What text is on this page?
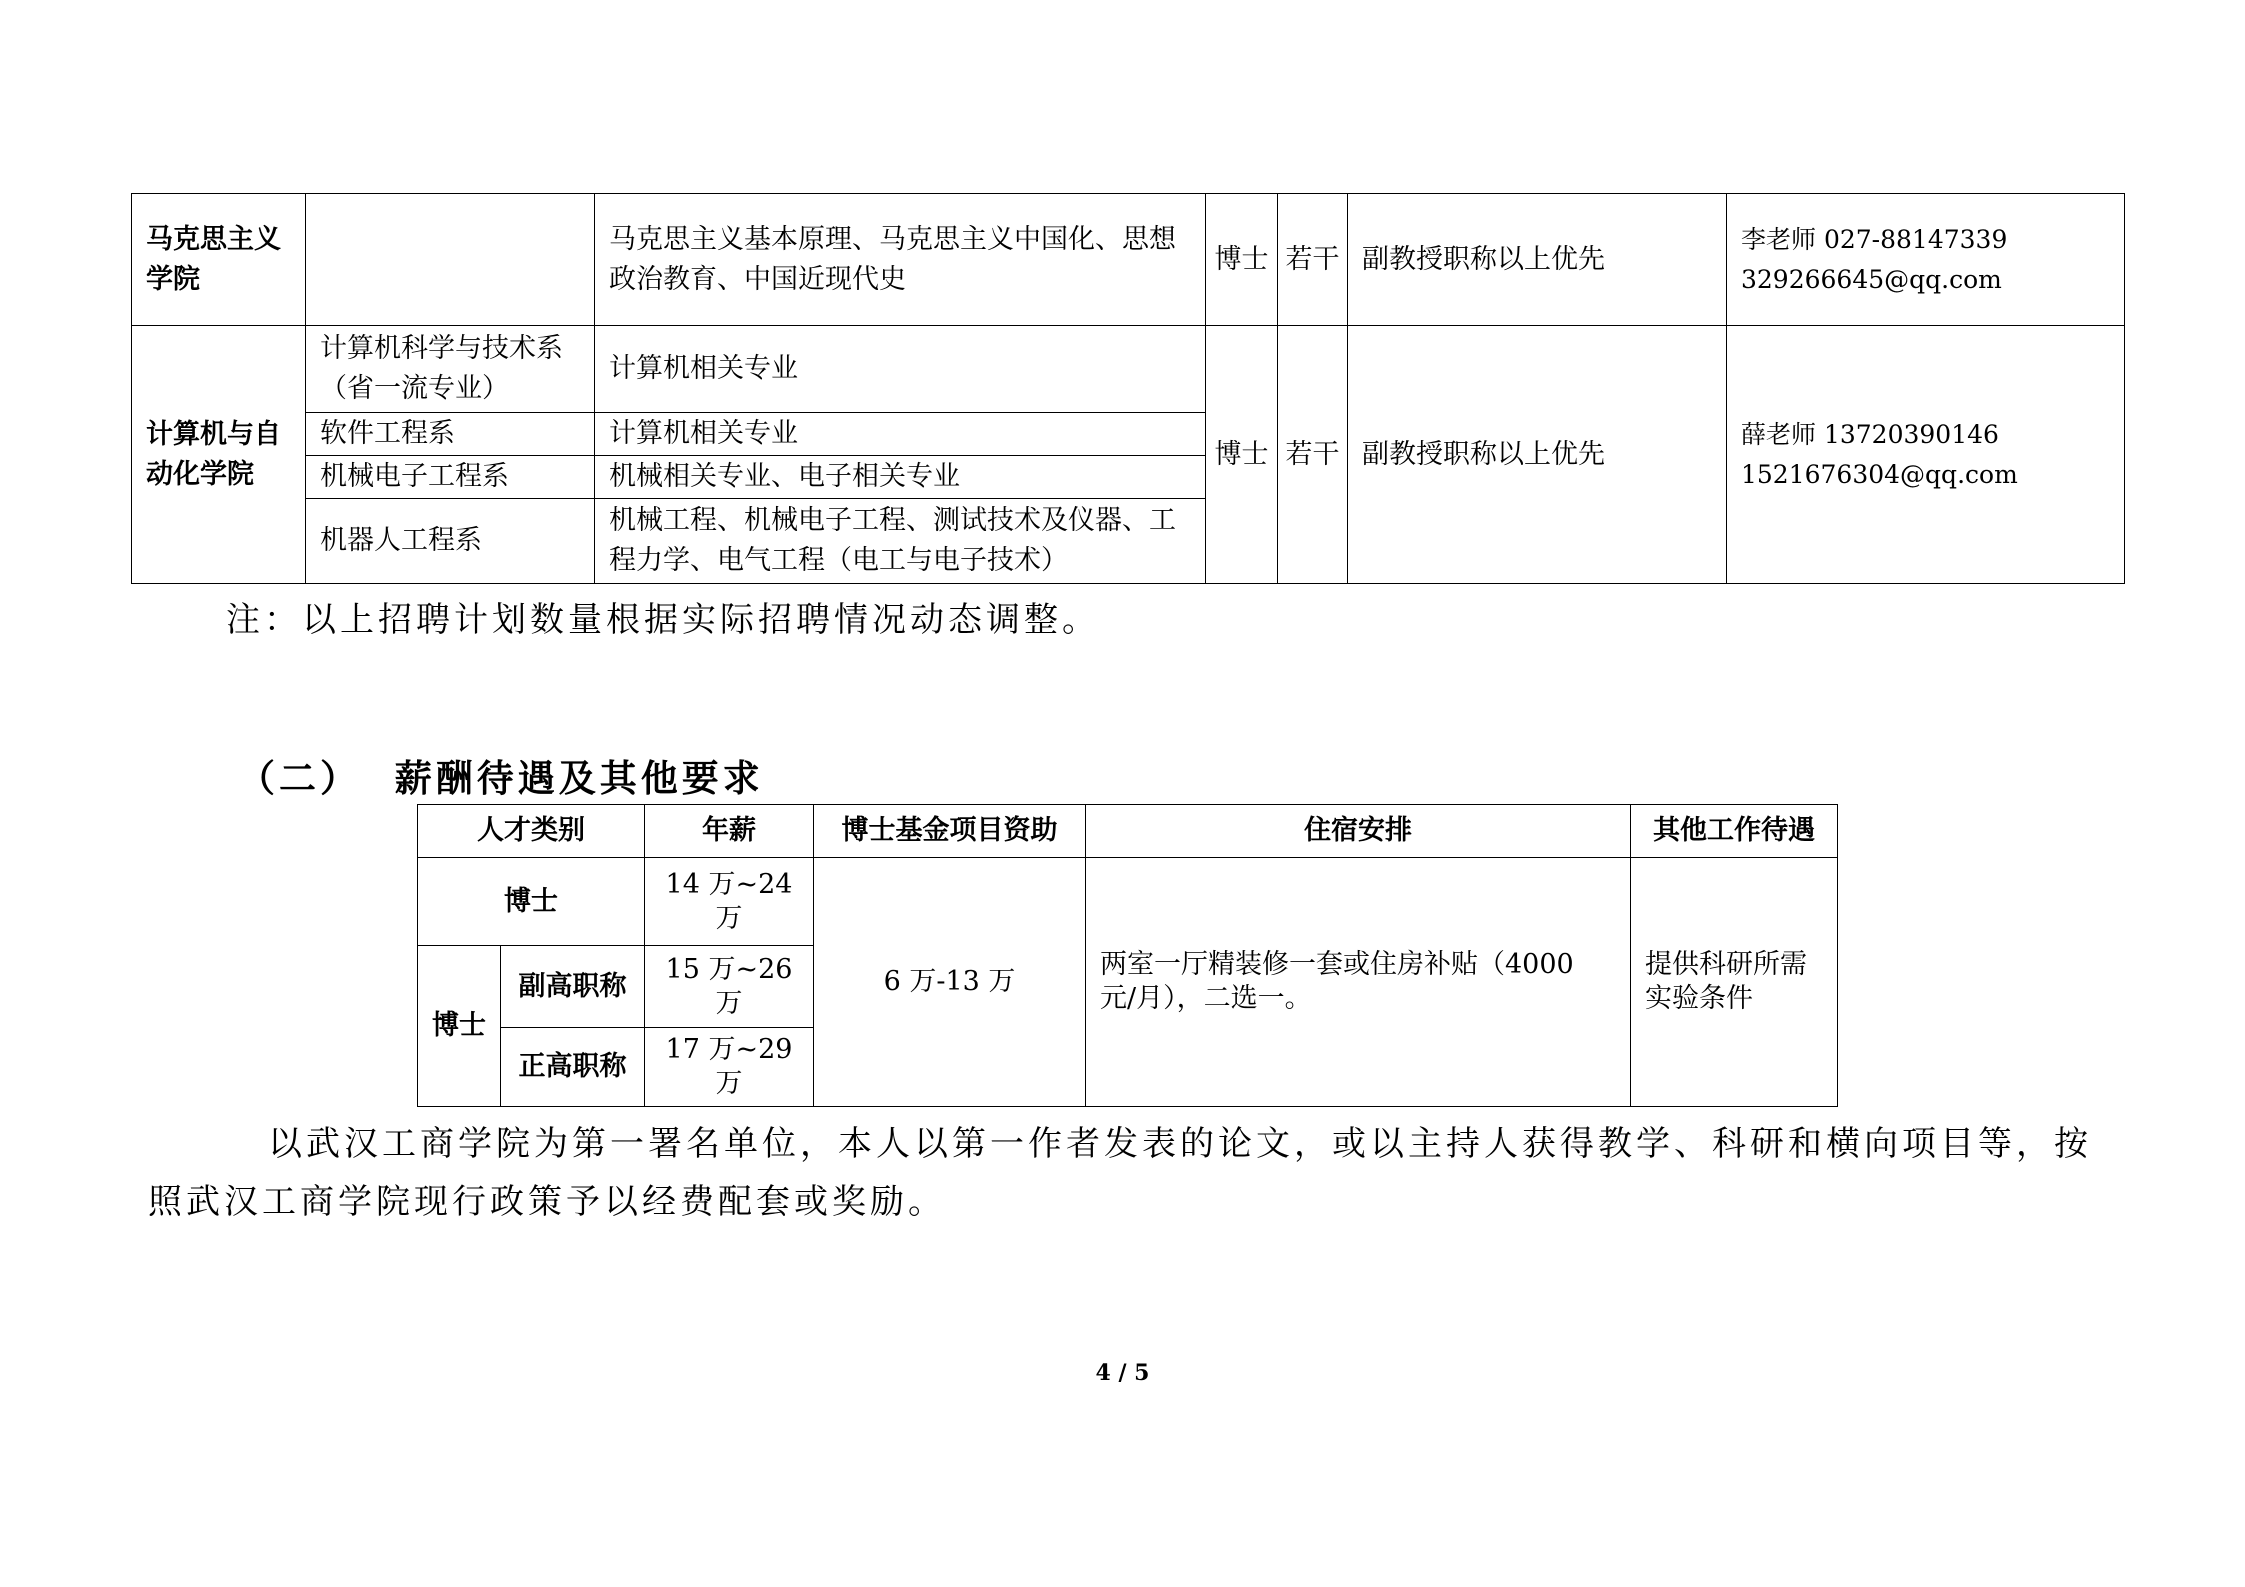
马克思主义学院		马克思主义基本原理、马克思主义中国化、思想政治教育、中国近现代史	博士	若干	副教授职称以上优先	李老师 027-88147339
329266645@qq.com

计算机与自动化学院	计算机科学与技术系（省一流专业）	计算机相关专业	博士	若干	副教授职称以上优先	薛老师 13720390146
1521676304@qq.com

	软件工程系	计算机相关专业				
	机械电子工程系	机械相关专业、电子相关专业				
	机器人工程系	机械工程、机械电子工程、测试技术及仪器、工程力学、电气工程（电工与电子技术）				
注：以上招聘计划数量根据实际招聘情况动态调整。
（二）  薪酬待遇及其他要求
人才类别		年薪	博士基金项目资助	住宿安排	其他工作待遇
博士		14 万~24 万	6 万-13 万	两室一厅精装修一套或住房补贴（4000 元/月），二选一。	提供科研所需实验条件
博士	副高职称	15 万~26 万			
	正高职称	17 万~29 万			
以武汉工商学院为第一署名单位，本人以第一作者发表的论文，或以主持人获得教学、科研和横向项目等，按照武汉工商学院现行政策予以经费配套或奖励。
4 / 5
